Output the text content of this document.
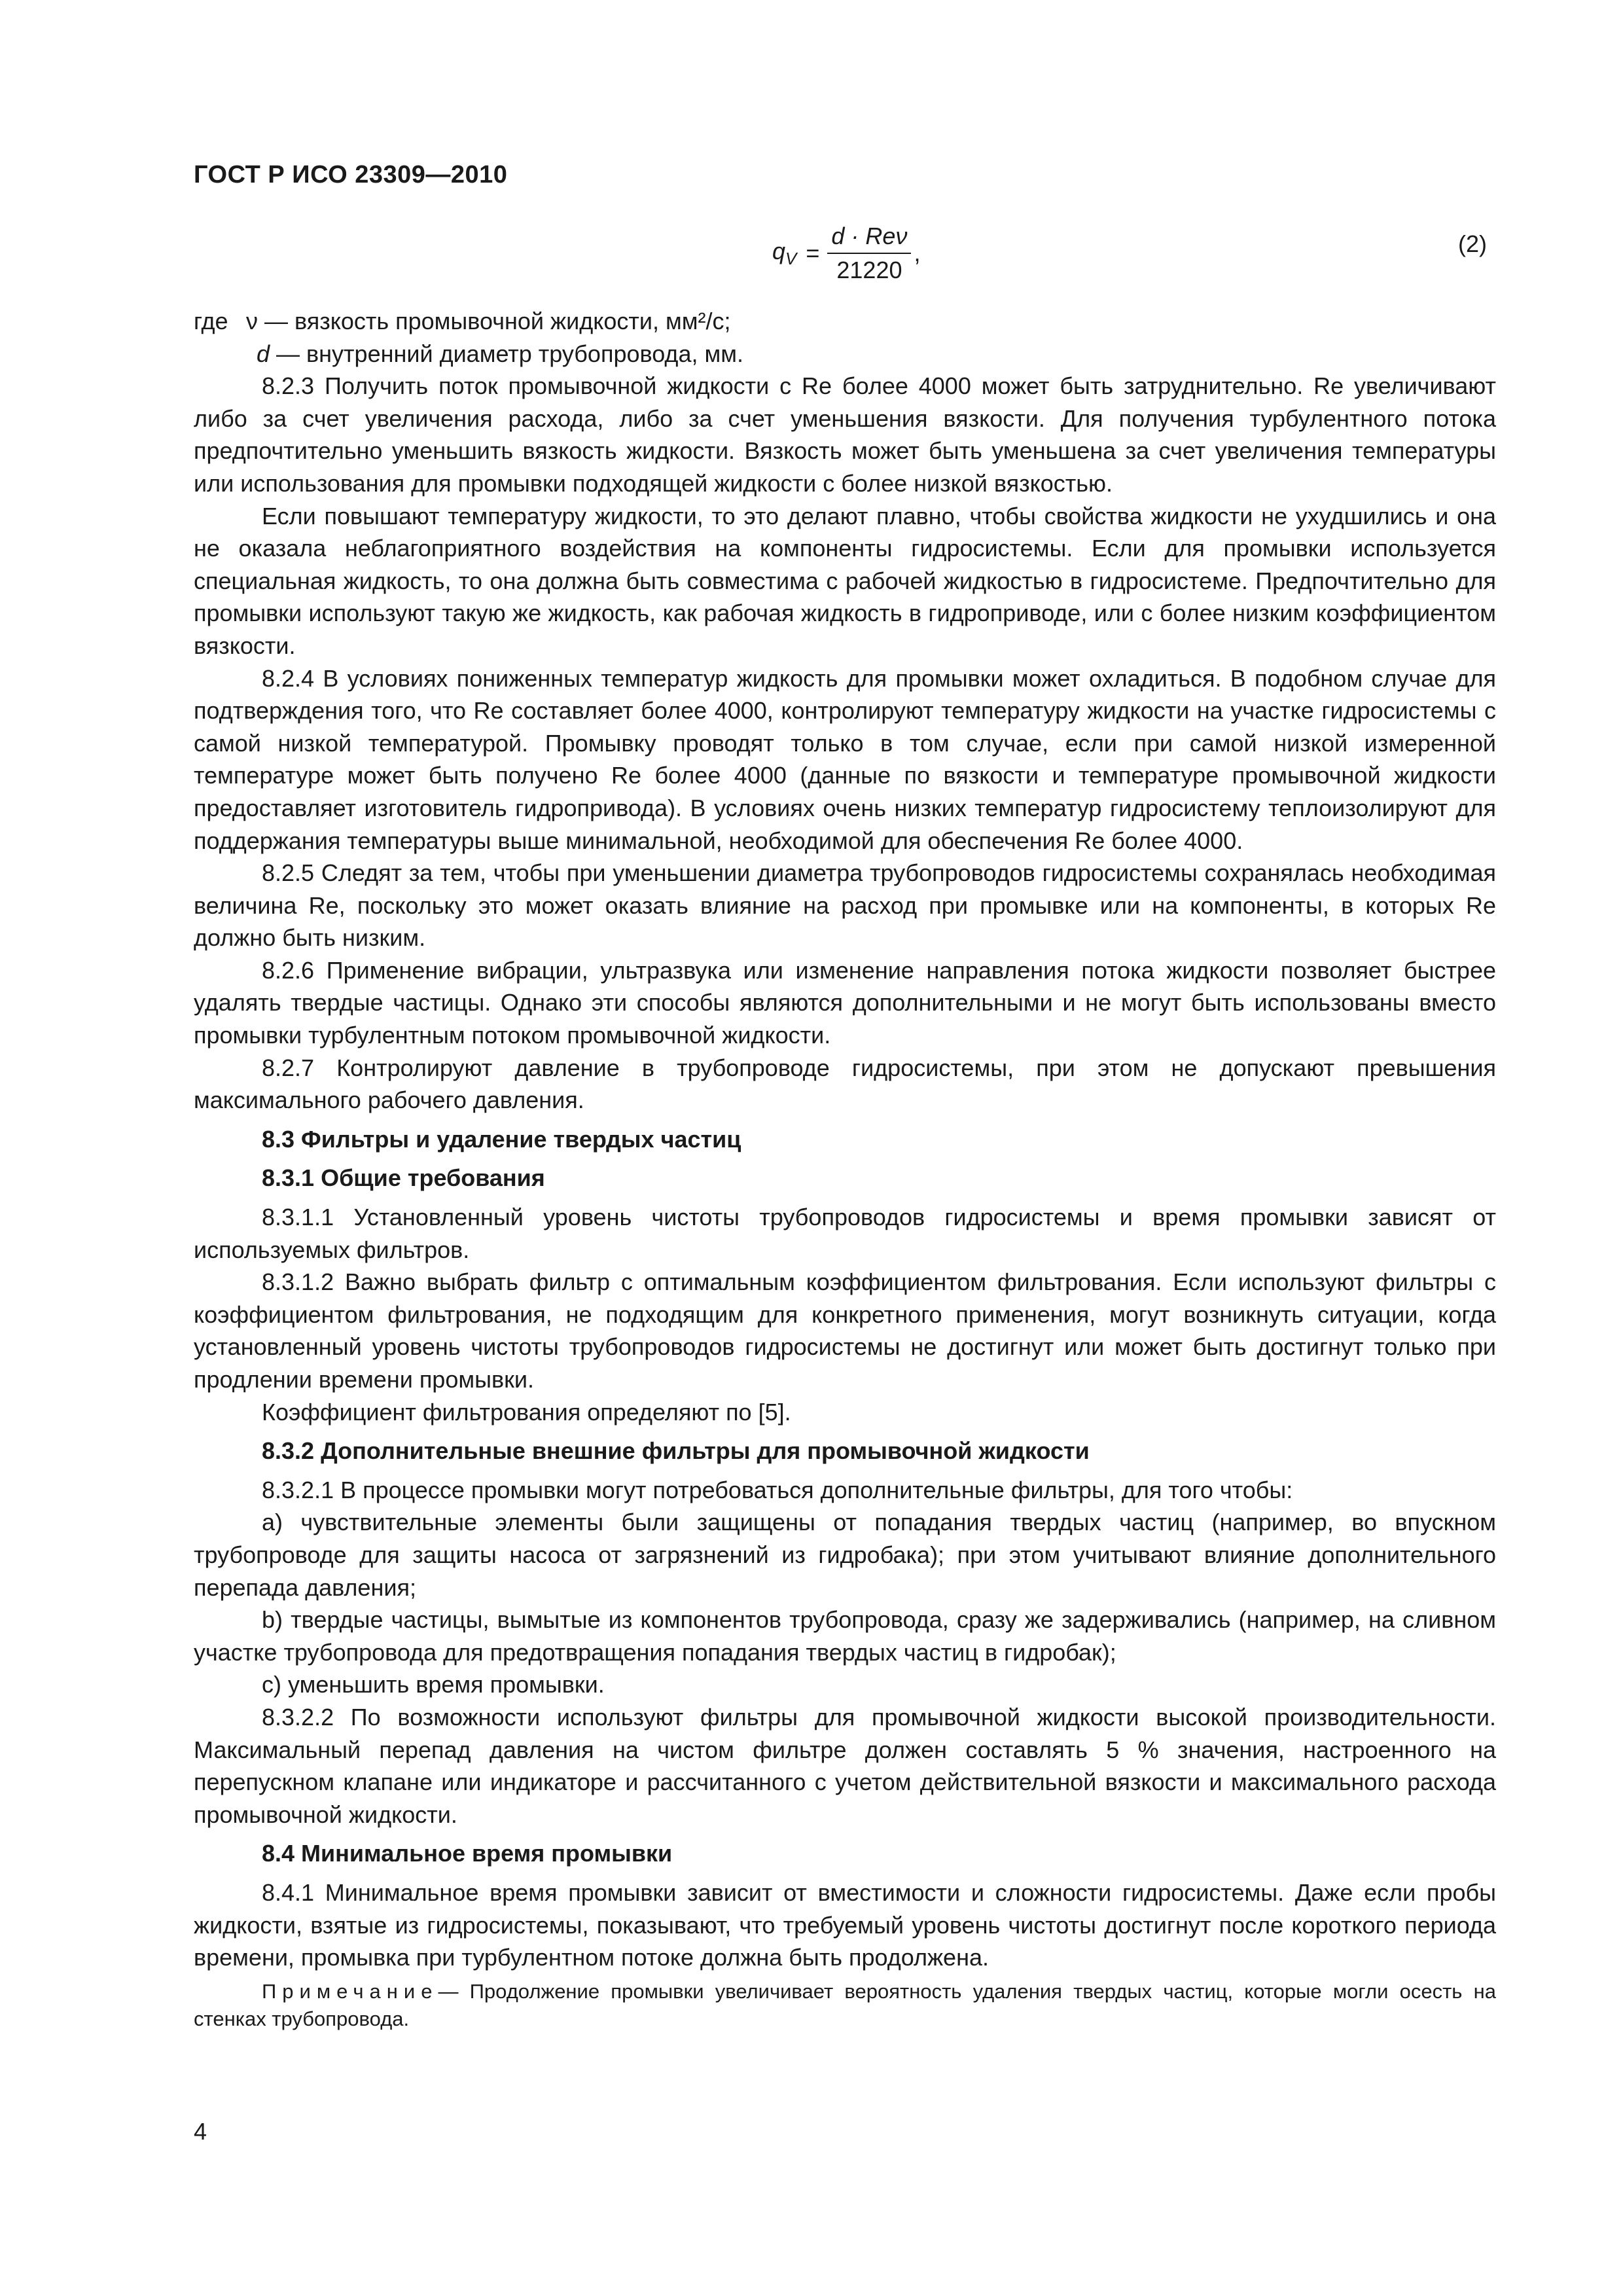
ГОСТ Р ИСО 23309—2010
$q_V = \frac{\text{d · Reν}}{21220}$ ,	(2)

где ν — вязкость промывочной жидкости, мм²/с;

d — внутренний диаметр трубопровода, мм.

8.2.3 Получить поток промывочной жидкости с Re более 4000 может быть затруднительно. Re увеличивают либо за счет увеличения расхода, либо за счет уменьшения вязкости. Для получения турбулентного потока предпочтительно уменьшить вязкость жидкости. Вязкость может быть уменьшена за счет увеличения температуры или использования для промывки подходящей жидкости с более низкой вязкостью.

Если повышают температуру жидкости, то это делают плавно, чтобы свойства жидкости не ухудшились и она не оказала неблагоприятного воздействия на компоненты гидросистемы. Если для промывки используется специальная жидкость, то она должна быть совместима с рабочей жидкостью в гидросистеме. Предпочтительно для промывки используют такую же жидкость, как рабочая жидкость в гидроприводе, или с более низким коэффициентом вязкости.

8.2.4 В условиях пониженных температур жидкость для промывки может охладиться. В подобном случае для подтверждения того, что Re составляет более 4000, контролируют температуру жидкости на участке гидросистемы с самой низкой температурой. Промывку проводят только в том случае, если при самой низкой измеренной температуре может быть получено Re более 4000 (данные по вязкости и температуре промывочной жидкости предоставляет изготовитель гидропривода). В условиях очень низких температур гидросистему теплоизолируют для поддержания температуры выше минимальной, необходимой для обеспечения Re более 4000.

8.2.5 Следят за тем, чтобы при уменьшении диаметра трубопроводов гидросистемы сохранялась необходимая величина Re, поскольку это может оказать влияние на расход при промывке или на компоненты, в которых Re должно быть низким.

8.2.6 Применение вибрации, ультразвука или изменение направления потока жидкости позволяет быстрее удалять твердые частицы. Однако эти способы являются дополнительными и не могут быть использованы вместо промывки турбулентным потоком промывочной жидкости.

8.2.7 Контролируют давление в трубопроводе гидросистемы, при этом не допускают превышения максимального рабочего давления.

8.3 Фильтры и удаление твердых частиц

8.3.1 Общие требования

8.3.1.1 Установленный уровень чистоты трубопроводов гидросистемы и время промывки зависят от используемых фильтров.

8.3.1.2 Важно выбрать фильтр с оптимальным коэффициентом фильтрования. Если используют фильтры с коэффициентом фильтрования, не подходящим для конкретного применения, могут возникнуть ситуации, когда установленный уровень чистоты трубопроводов гидросистемы не достигнут или может быть достигнут только при продлении времени промывки.

Коэффициент фильтрования определяют по [5].

8.3.2 Дополнительные внешние фильтры для промывочной жидкости

8.3.2.1 В процессе промывки могут потребоваться дополнительные фильтры, для того чтобы:

a) чувствительные элементы были защищены от попадания твердых частиц (например, во впускном трубопроводе для защиты насоса от загрязнений из гидробака); при этом учитывают влияние дополнительного перепада давления;

b) твердые частицы, вымытые из компонентов трубопровода, сразу же задерживались (например, на сливном участке трубопровода для предотвращения попадания твердых частиц в гидробак);

c) уменьшить время промывки.

8.3.2.2 По возможности используют фильтры для промывочной жидкости высокой производительности. Максимальный перепад давления на чистом фильтре должен составлять 5 % значения, настроенного на перепускном клапане или индикаторе и рассчитанного с учетом действительной вязкости и максимального расхода промывочной жидкости.

8.4 Минимальное время промывки

8.4.1 Минимальное время промывки зависит от вместимости и сложности гидросистемы. Даже если пробы жидкости, взятые из гидросистемы, показывают, что требуемый уровень чистоты достигнут после короткого периода времени, промывка при турбулентном потоке должна быть продолжена.

Примечание— Продолжение промывки увеличивает вероятность удаления твердых частиц, которые могли осесть на стенках трубопровода.

4
